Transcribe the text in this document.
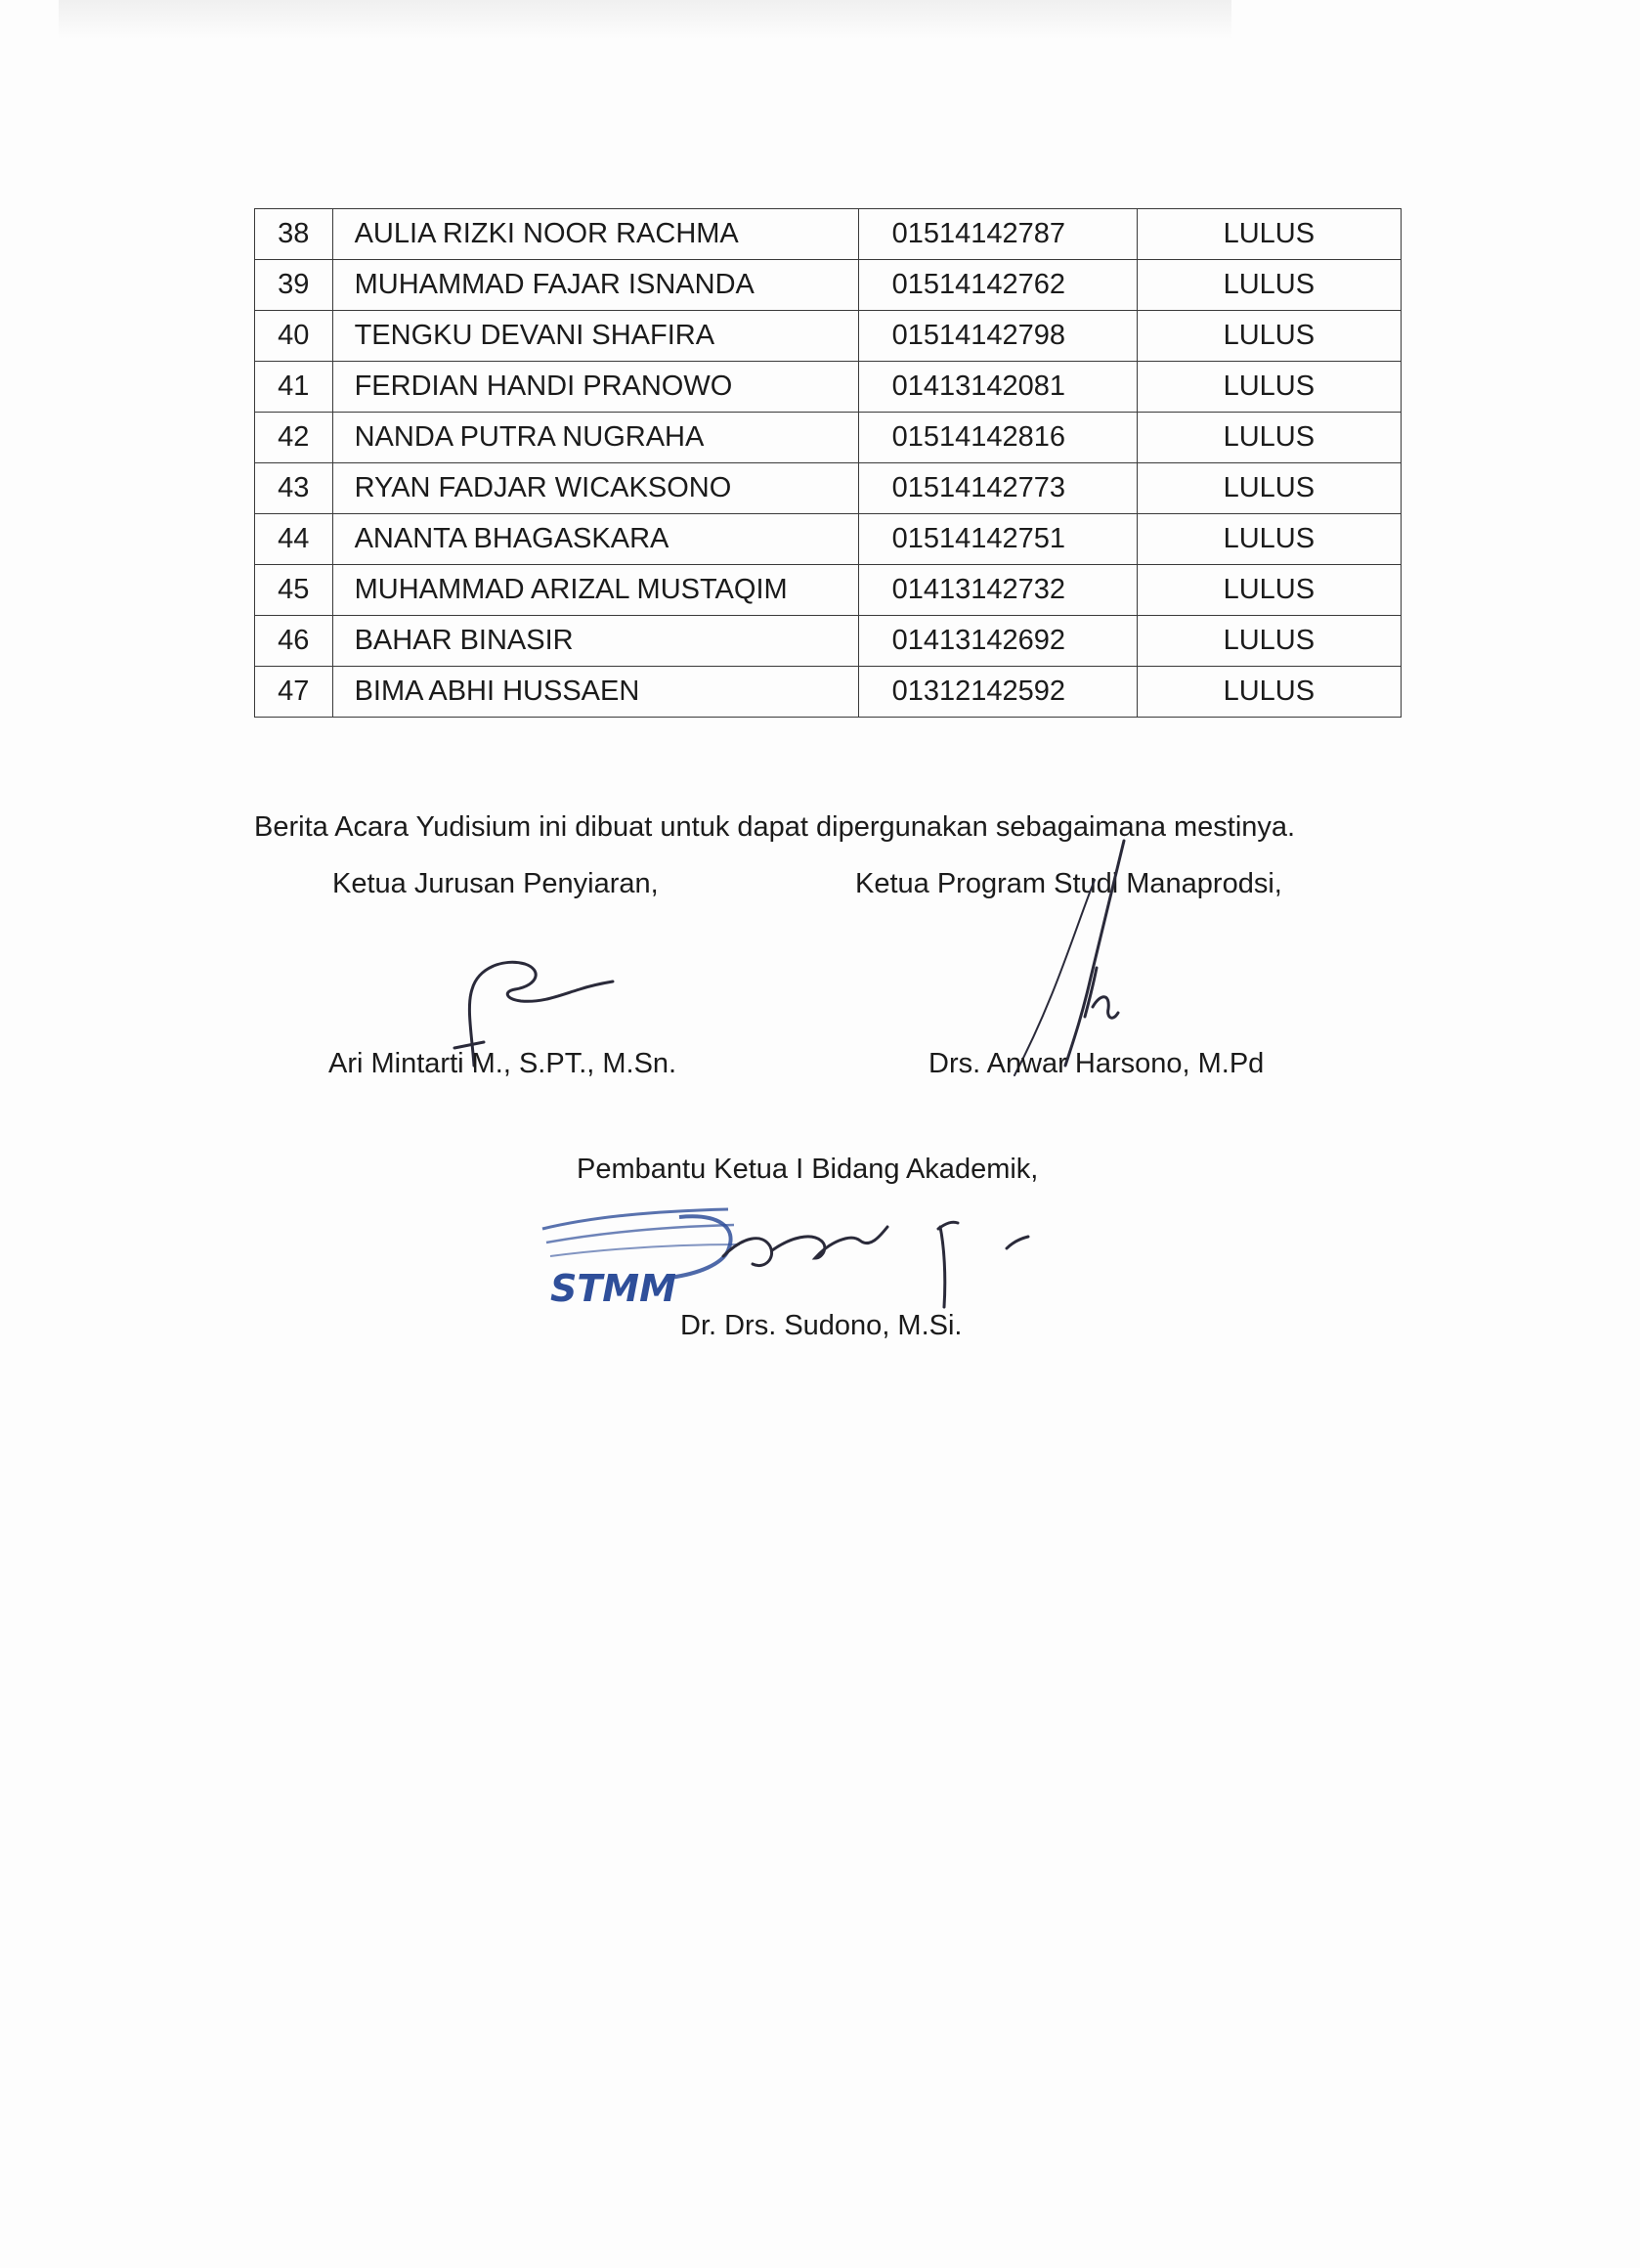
38	AULIA RIZKI NOOR RACHMA	01514142787	LULUS
39	MUHAMMAD FAJAR ISNANDA	01514142762	LULUS
40	TENGKU DEVANI SHAFIRA	01514142798	LULUS
41	FERDIAN HANDI PRANOWO	01413142081	LULUS
42	NANDA PUTRA NUGRAHA	01514142816	LULUS
43	RYAN FADJAR WICAKSONO	01514142773	LULUS
44	ANANTA BHAGASKARA	01514142751	LULUS
45	MUHAMMAD ARIZAL MUSTAQIM	01413142732	LULUS
46	BAHAR BINASIR	01413142692	LULUS
47	BIMA ABHI HUSSAEN	01312142592	LULUS
Berita Acara Yudisium ini dibuat untuk dapat dipergunakan sebagaimana mestinya.
Ketua Jurusan Penyiaran,
Ari Mintarti M., S.PT., M.Sn.
Ketua Program Studi Manaprodsi,
Drs. Anwar Harsono, M.Pd
Pembantu Ketua I Bidang Akademik,
STMM
Dr. Drs. Sudono, M.Si.
